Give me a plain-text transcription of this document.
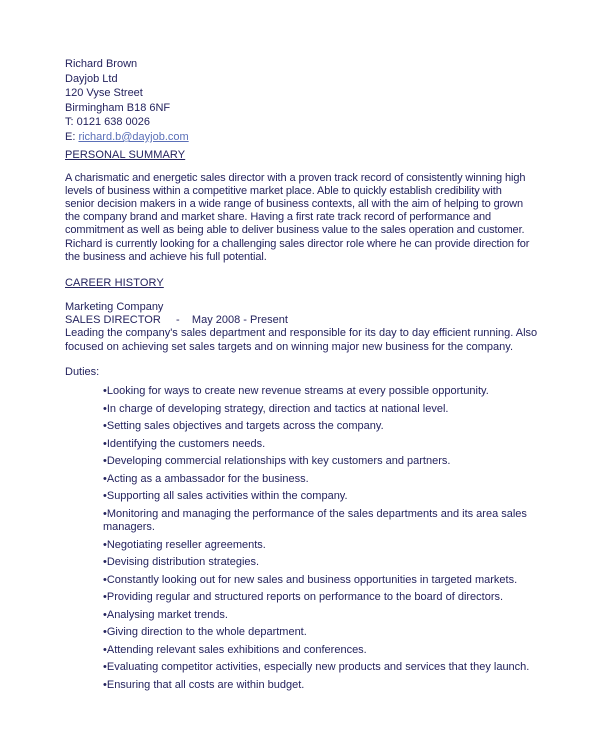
Richard Brown
Dayjob Ltd
120 Vyse Street
Birmingham B18 6NF
T: 0121 638 0026
E: richard.b@dayjob.com
PERSONAL SUMMARY
A charismatic and energetic sales director with a proven track record of consistently winning high
levels of business within a competitive market place. Able to quickly establish credibility with
senior decision makers in a wide range of business contexts, all with the aim of helping to grown
the company brand and market share. Having a first rate track record of performance and
commitment as well as being able to deliver business value to the sales operation and customer.
Richard is currently looking for a challenging sales director role where he can provide direction for
the business and achieve his full potential.
CAREER HISTORY
Marketing Company
SALES DIRECTOR     -    May 2008 - Present
Leading the company's sales department and responsible for its day to day efficient running. Also
focused on achieving set sales targets and on winning major new business for the company.
Duties:
•Looking for ways to create new revenue streams at every possible opportunity.
•In charge of developing strategy, direction and tactics at national level.
•Setting sales objectives and targets across the company.
•Identifying the customers needs.
•Developing commercial relationships with key customers and partners.
•Acting as a ambassador for the business.
•Supporting all sales activities within the company.
•Monitoring and managing the performance of the sales departments and its area sales
managers.
•Negotiating reseller agreements.
•Devising distribution strategies.
•Constantly looking out for new sales and business opportunities in targeted markets.
•Providing regular and structured reports on performance to the board of directors.
•Analysing market trends.
•Giving direction to the whole department.
•Attending relevant sales exhibitions and conferences.
•Evaluating competitor activities, especially new products and services that they launch.
•Ensuring that all costs are within budget.
